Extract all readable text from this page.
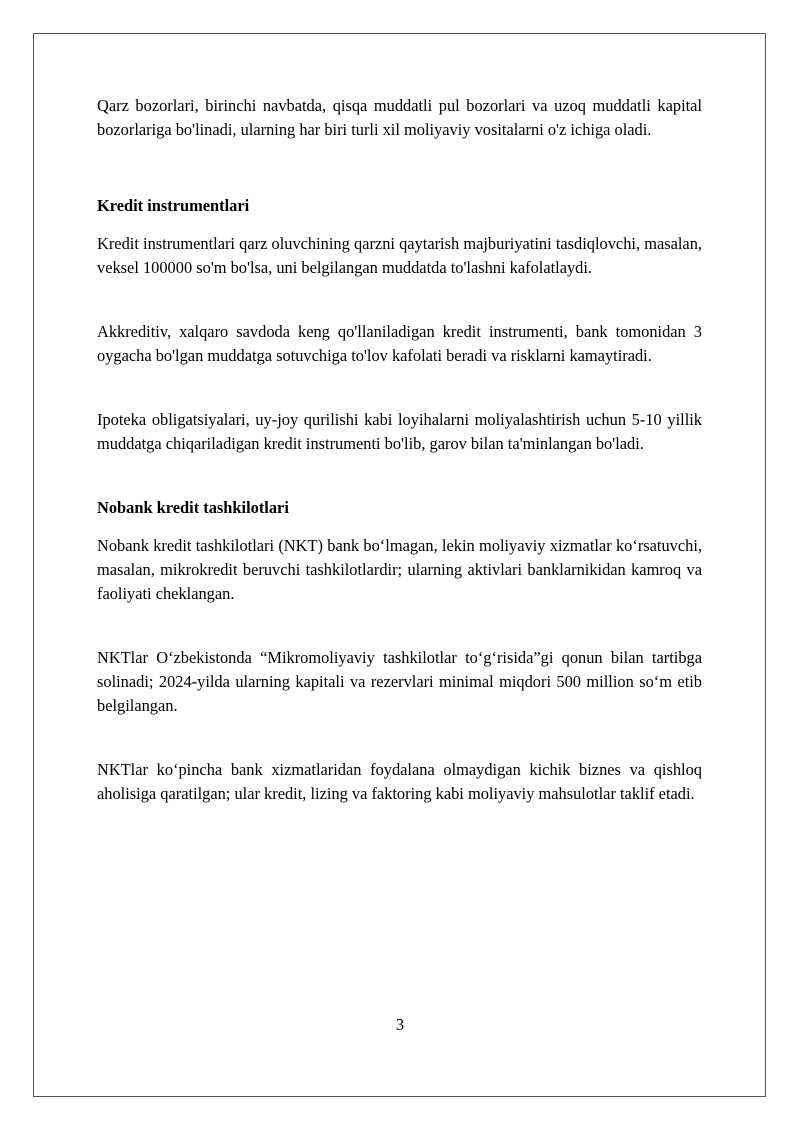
Qarz bozorlari, birinchi navbatda, qisqa muddatli pul bozorlari va uzoq muddatli kapital bozorlariga bo'linadi, ularning har biri turli xil moliyaviy vositalarni o'z ichiga oladi.

Kredit instrumentlari

Kredit instrumentlari qarz oluvchining qarzni qaytarish majburiyatini tasdiqlovchi, masalan, veksel 100000 so'm bo'lsa, uni belgilangan muddatda to'lashni kafolatlaydi.

Akkreditiv, xalqaro savdoda keng qo'llaniladigan kredit instrumenti, bank tomonidan 3 oygacha bo'lgan muddatga sotuvchiga to'lov kafolati beradi va risklarni kamaytiradi.

Ipoteka obligatsiyalari, uy-joy qurilishi kabi loyihalarni moliyalashtirish uchun 5-10 yillik muddatga chiqariladigan kredit instrumenti bo'lib, garov bilan ta'minlangan bo'ladi.

Nobank kredit tashkilotlari

Nobank kredit tashkilotlari (NKT) bank bo‘lmagan, lekin moliyaviy xizmatlar ko‘rsatuvchi, masalan, mikrokredit beruvchi tashkilotlardir; ularning aktivlari banklarnikidan kamroq va faoliyati cheklangan.

NKTlar O‘zbekistonda “Mikromoliyaviy tashkilotlar to‘g‘risida”gi qonun bilan tartibga solinadi; 2024-yilda ularning kapitali va rezervlari minimal miqdori 500 million so‘m etib belgilangan.

NKTlar ko‘pincha bank xizmatlaridan foydalana olmaydigan kichik biznes va qishloq aholisiga qaratilgan; ular kredit, lizing va faktoring kabi moliyaviy mahsulotlar taklif etadi.

3
